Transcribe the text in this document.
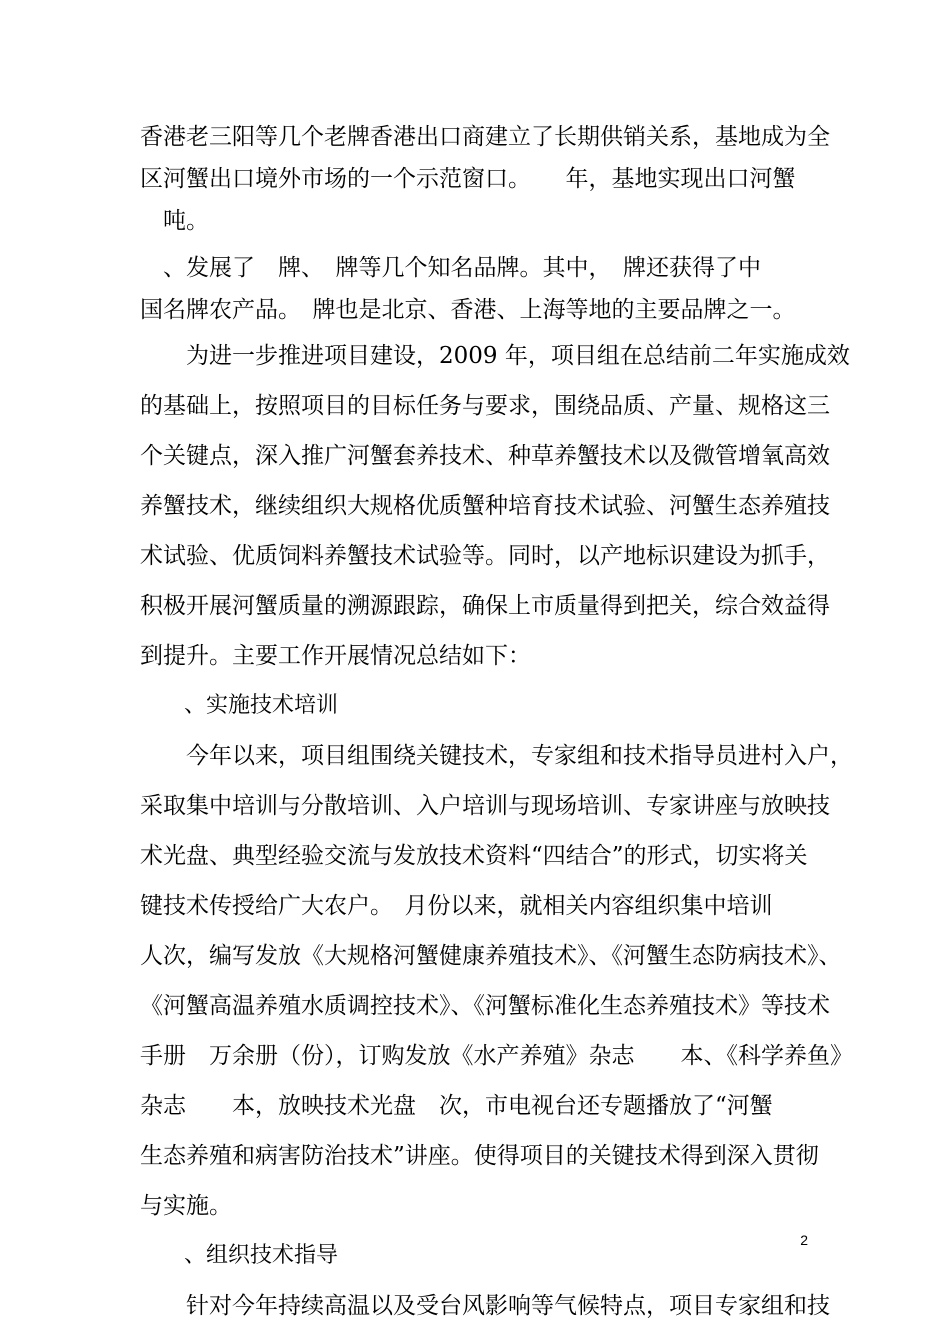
香港老三阳等几个老牌香港出口商建立了长期供销关系，基地成为全
区河蟹出口境外市场的一个示范窗口。　　年，基地实现出口河蟹
　吨。
　、发展了　牌、　牌等几个知名品牌。其中，　牌还获得了中
国名牌农产品。　牌也是北京、香港、上海等地的主要品牌之一。
　　为进一步推进项目建设，2009 年，项目组在总结前二年实施成效
的基础上，按照项目的目标任务与要求，围绕品质、产量、规格这三
个关键点，深入推广河蟹套养技术、种草养蟹技术以及微管增氧高效
养蟹技术，继续组织大规格优质蟹种培育技术试验、河蟹生态养殖技
术试验、优质饲料养蟹技术试验等。同时，以产地标识建设为抓手，
积极开展河蟹质量的溯源跟踪，确保上市质量得到把关，综合效益得
到提升。主要工作开展情况总结如下：
　　、实施技术培训
　　今年以来，项目组围绕关键技术，专家组和技术指导员进村入户，
采取集中培训与分散培训、入户培训与现场培训、专家讲座与放映技
术光盘、典型经验交流与发放技术资料“四结合”的形式，切实将关
键技术传授给广大农户。　月份以来，就相关内容组织集中培训
人次，编写发放《大规格河蟹健康养殖技术》、《河蟹生态防病技术》、
《河蟹高温养殖水质调控技术》、《河蟹标准化生态养殖技术》等技术
手册　万余册（份），订购发放《水产养殖》杂志　　本、《科学养鱼》
杂志　　本，放映技术光盘　次，市电视台还专题播放了“河蟹
生态养殖和病害防治技术”讲座。使得项目的关键技术得到深入贯彻
与实施。
　　、组织技术指导
　　针对今年持续高温以及受台风影响等气候特点，项目专家组和技
2
